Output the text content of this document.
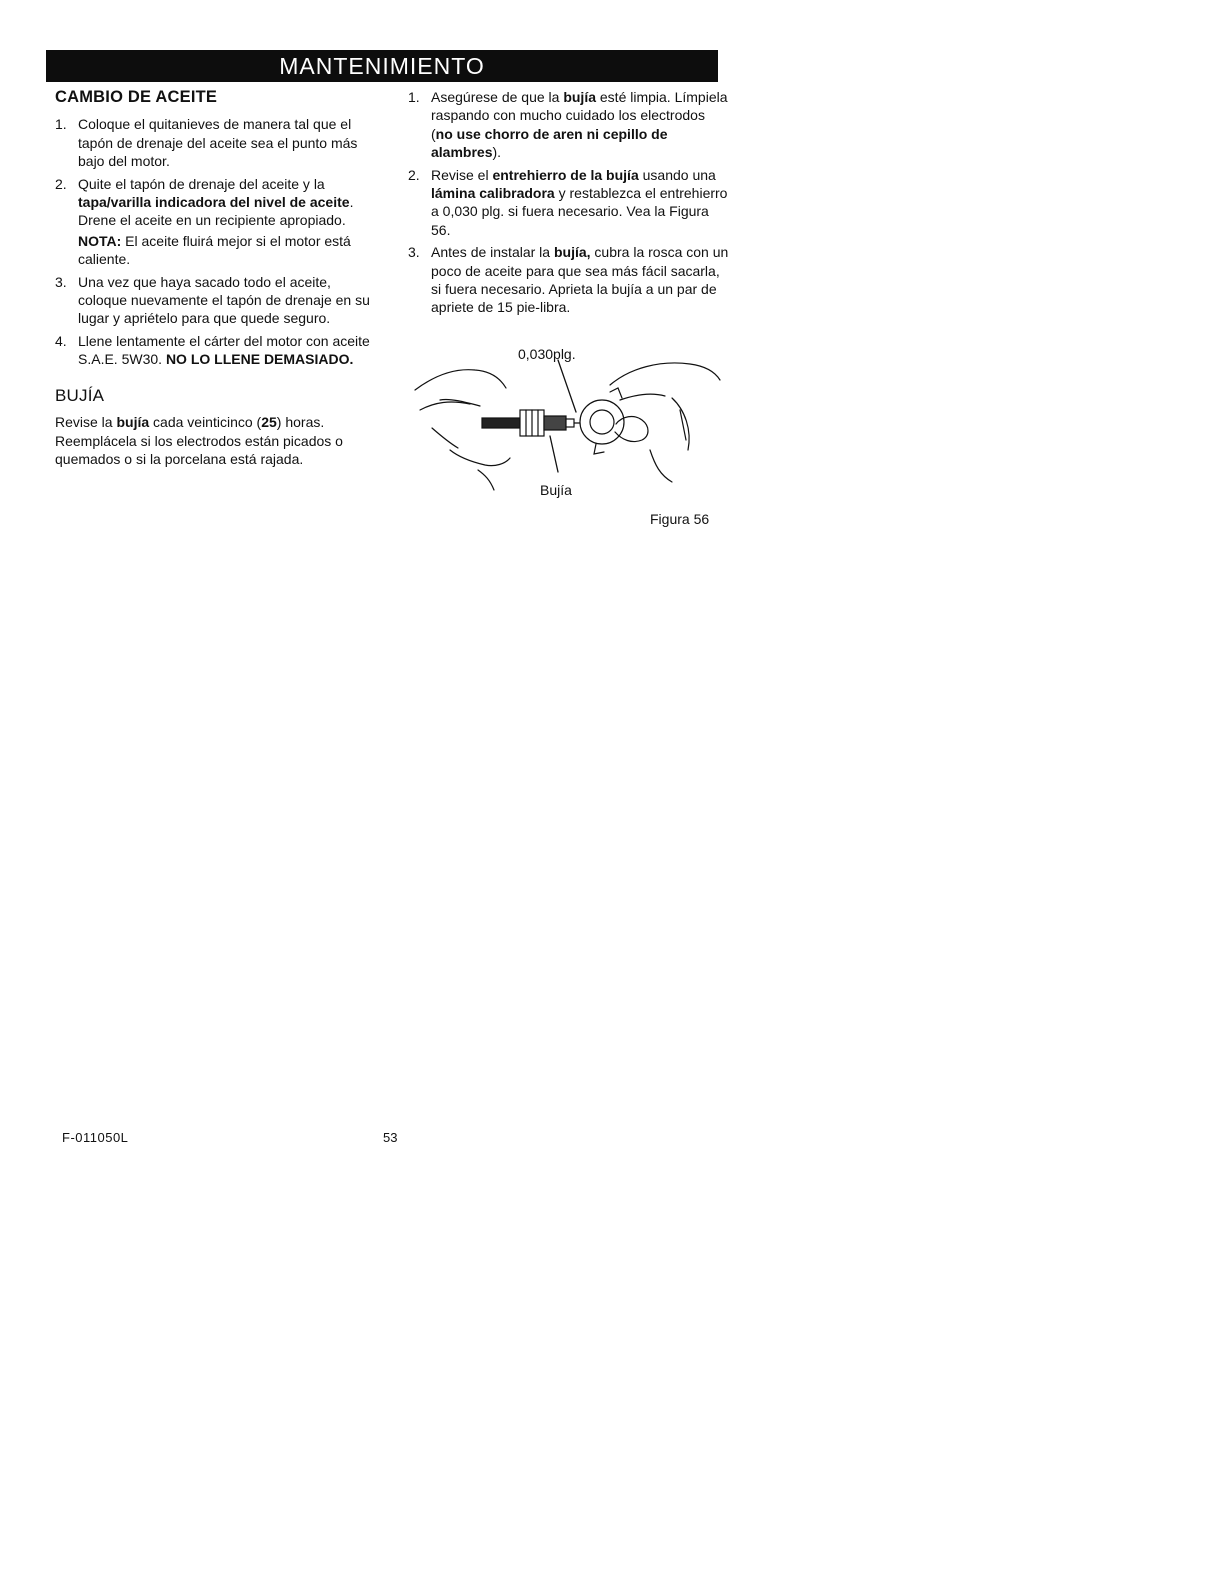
MANTENIMIENTO
CAMBIO DE ACEITE
1. Coloque el quitanieves de manera tal que el tapón de drenaje del aceite sea el punto más bajo del motor.
2. Quite el tapón de drenaje del aceite y la tapa/varilla indicadora del nivel de aceite. Drene el aceite en un recipiente apropiado.
NOTA: El aceite fluirá mejor si el motor está caliente.
3. Una vez que haya sacado todo el aceite, coloque nuevamente el tapón de drenaje en su lugar y apriételo para que quede seguro.
4. Llene lentamente el cárter del motor con aceite S.A.E. 5W30. NO LO LLENE DEMASIADO.
BUJÍA

Revise la bujía cada veinticinco (25) horas. Reemplácela si los electrodos están picados o quemados o si la porcelana está rajada.

1. Asegúrese de que la bujía esté limpia. Límpiela raspando con mucho cuidado los electrodos (no use chorro de aren ni cepillo de alambres).
2. Revise el entrehierro de la bujía usando una lámina calibradora y restablezca el entrehierro a 0,030 plg. si fuera necesario. Vea la Figura 56.
3. Antes de instalar la bujía, cubra la rosca con un poco de aceite para que sea más fácil sacarla, si fuera necesario. Aprieta la bujía a un par de apriete de 15 pie-libra.
0,030plg.
Bujía
Figura 56
F-011050L	53
